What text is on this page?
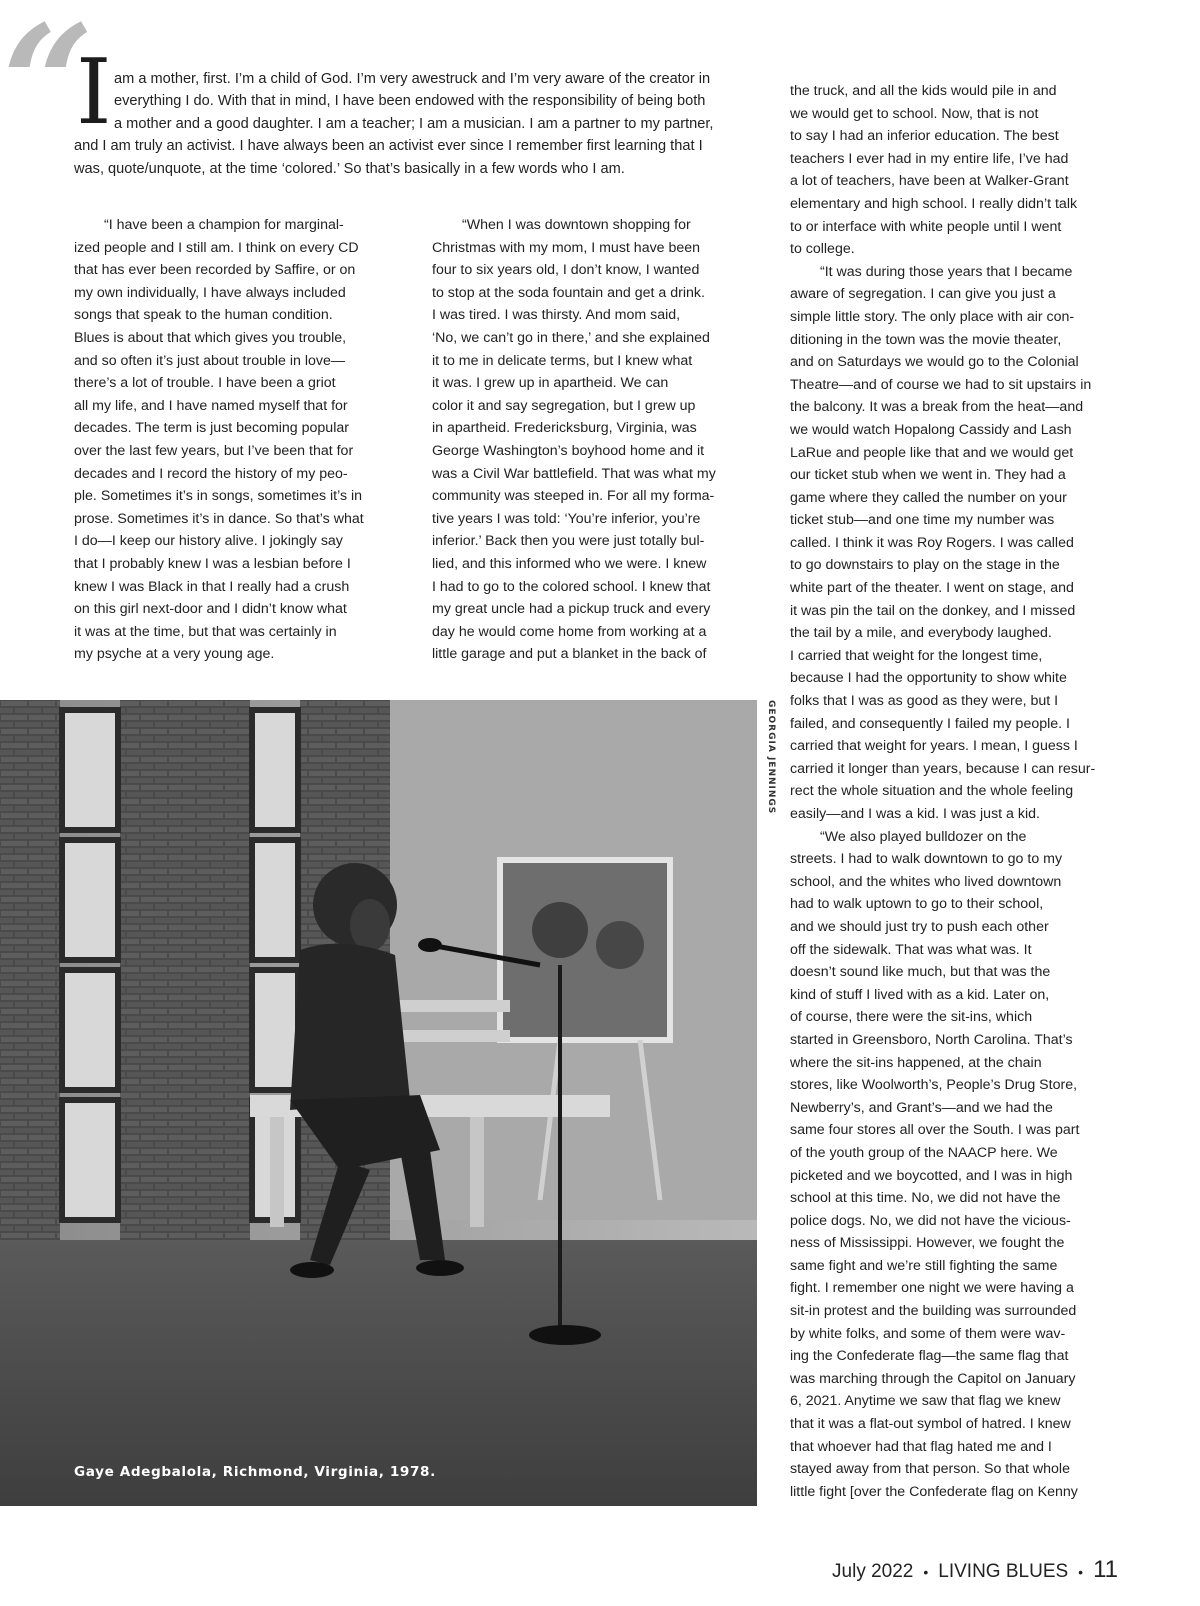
“
I am a mother, first. I’m a child of God. I’m very awestruck and I’m very aware of the creator in
everything I do. With that in mind, I have been endowed with the responsibility of being both
a mother and a good daughter. I am a teacher; I am a musician. I am a partner to my partner,
and I am truly an activist. I have always been an activist ever since I remember first learning that I
was, quote/unquote, at the time ‘colored.’ So that’s basically in a few words who I am.
“I have been a champion for marginal-
ized people and I still am. I think on every CD
that has ever been recorded by Saffire, or on
my own individually, I have always included
songs that speak to the human condition.
Blues is about that which gives you trouble,
and so often it’s just about trouble in love—
there’s a lot of trouble. I have been a griot
all my life, and I have named myself that for
decades. The term is just becoming popular
over the last few years, but I’ve been that for
decades and I record the history of my peo-
ple. Sometimes it’s in songs, sometimes it’s in
prose. Sometimes it’s in dance. So that’s what
I do—I keep our history alive. I jokingly say
that I probably knew I was a lesbian before I
knew I was Black in that I really had a crush
on this girl next-door and I didn’t know what
it was at the time, but that was certainly in
my psyche at a very young age.
“When I was downtown shopping for
Christmas with my mom, I must have been
four to six years old, I don’t know, I wanted
to stop at the soda fountain and get a drink.
I was tired. I was thirsty. And mom said,
‘No, we can’t go in there,’ and she explained
it to me in delicate terms, but I knew what
it was. I grew up in apartheid. We can
color it and say segregation, but I grew up
in apartheid. Fredericksburg, Virginia, was
George Washington’s boyhood home and it
was a Civil War battlefield. That was what my
community was steeped in. For all my forma-
tive years I was told: ‘You’re inferior, you’re
inferior.’ Back then you were just totally bul-
lied, and this informed who we were. I knew
I had to go to the colored school. I knew that
my great uncle had a pickup truck and every
day he would come home from working at a
little garage and put a blanket in the back of
the truck, and all the kids would pile in and
we would get to school. Now, that is not
to say I had an inferior education. The best
teachers I ever had in my entire life, I’ve had
a lot of teachers, have been at Walker-Grant
elementary and high school. I really didn’t talk
to or interface with white people until I went
to college.
“It was during those years that I became
aware of segregation. I can give you just a
simple little story. The only place with air con-
ditioning in the town was the movie theater,
and on Saturdays we would go to the Colonial
Theatre—and of course we had to sit upstairs in
the balcony. It was a break from the heat—and
we would watch Hopalong Cassidy and Lash
LaRue and people like that and we would get
our ticket stub when we went in. They had a
game where they called the number on your
ticket stub—and one time my number was
called. I think it was Roy Rogers. I was called
to go downstairs to play on the stage in the
white part of the theater. I went on stage, and
it was pin the tail on the donkey, and I missed
the tail by a mile, and everybody laughed.
I carried that weight for the longest time,
because I had the opportunity to show white
folks that I was as good as they were, but I
failed, and consequently I failed my people. I
carried that weight for years. I mean, I guess I
carried it longer than years, because I can resur-
rect the whole situation and the whole feeling
easily—and I was a kid. I was just a kid.
“We also played bulldozer on the
streets. I had to walk downtown to go to my
school, and the whites who lived downtown
had to walk uptown to go to their school,
and we should just try to push each other
off the sidewalk. That was what was. It
doesn’t sound like much, but that was the
kind of stuff I lived with as a kid. Later on,
of course, there were the sit-ins, which
started in Greensboro, North Carolina. That’s
where the sit-ins happened, at the chain
stores, like Woolworth’s, People’s Drug Store,
Newberry’s, and Grant’s—and we had the
same four stores all over the South. I was part
of the youth group of the NAACP here. We
picketed and we boycotted, and I was in high
school at this time. No, we did not have the
police dogs. No, we did not have the vicious-
ness of Mississippi. However, we fought the
same fight and we’re still fighting the same
fight. I remember one night we were having a
sit-in protest and the building was surrounded
by white folks, and some of them were wav-
ing the Confederate flag—the same flag that
was marching through the Capitol on January
6, 2021. Anytime we saw that flag we knew
that it was a flat-out symbol of hatred. I knew
that whoever had that flag hated me and I
stayed away from that person. So that whole
little fight [over the Confederate flag on Kenny
Gaye Adegbalola, Richmond, Virginia, 1978.
GEORGIA JENNINGS
July 2022 • LIVING BLUES • 11
